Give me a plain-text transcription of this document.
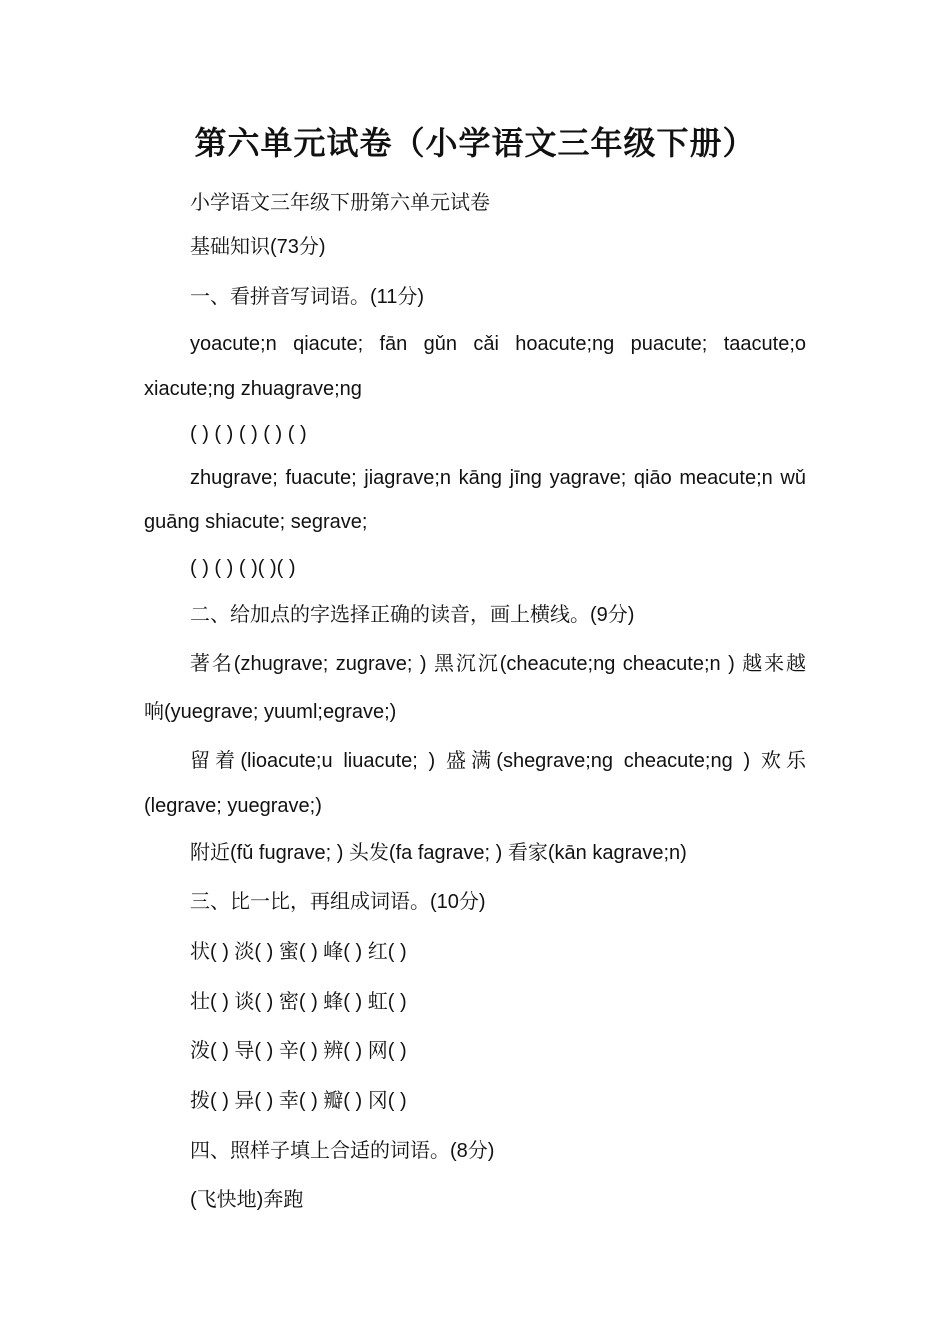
第六单元试卷（小学语文三年级下册）
小学语文三年级下册第六单元试卷
基础知识(73分)
一、看拼音写词语。(11分)
yoacute;n qiacute; fān gǔn cǎi hoacute;ng puacute; taacute;o
xiacute;ng zhuagrave;ng
( ) ( ) ( ) ( ) ( )
zhugrave; fuacute; jiagrave;n kāng jīng yagrave; qiāo meacute;n wǔ
guāng shiacute; segrave;
( ) ( ) ( )( )( )
二、给加点的字选择正确的读音，画上横线。(9分)
著名(zhugrave; zugrave; ) 黑沉沉(cheacute;ng cheacute;n ) 越来越
响(yuegrave; yuuml;egrave;)
留着(lioacute;u liuacute; ) 盛满(shegrave;ng cheacute;ng ) 欢乐
(legrave; yuegrave;)
附近(fǔ fugrave; ) 头发(fa fagrave; ) 看家(kān kagrave;n)
三、比一比，再组成词语。(10分)
状( ) 淡( ) 蜜( ) 峰( ) 红( )
壮( ) 谈( ) 密( ) 蜂( ) 虹( )
泼( ) 导( ) 辛( ) 辨( ) 网( )
拨( ) 异( ) 幸( ) 瓣( ) 冈( )
四、照样子填上合适的词语。(8分)
(飞快地)奔跑
